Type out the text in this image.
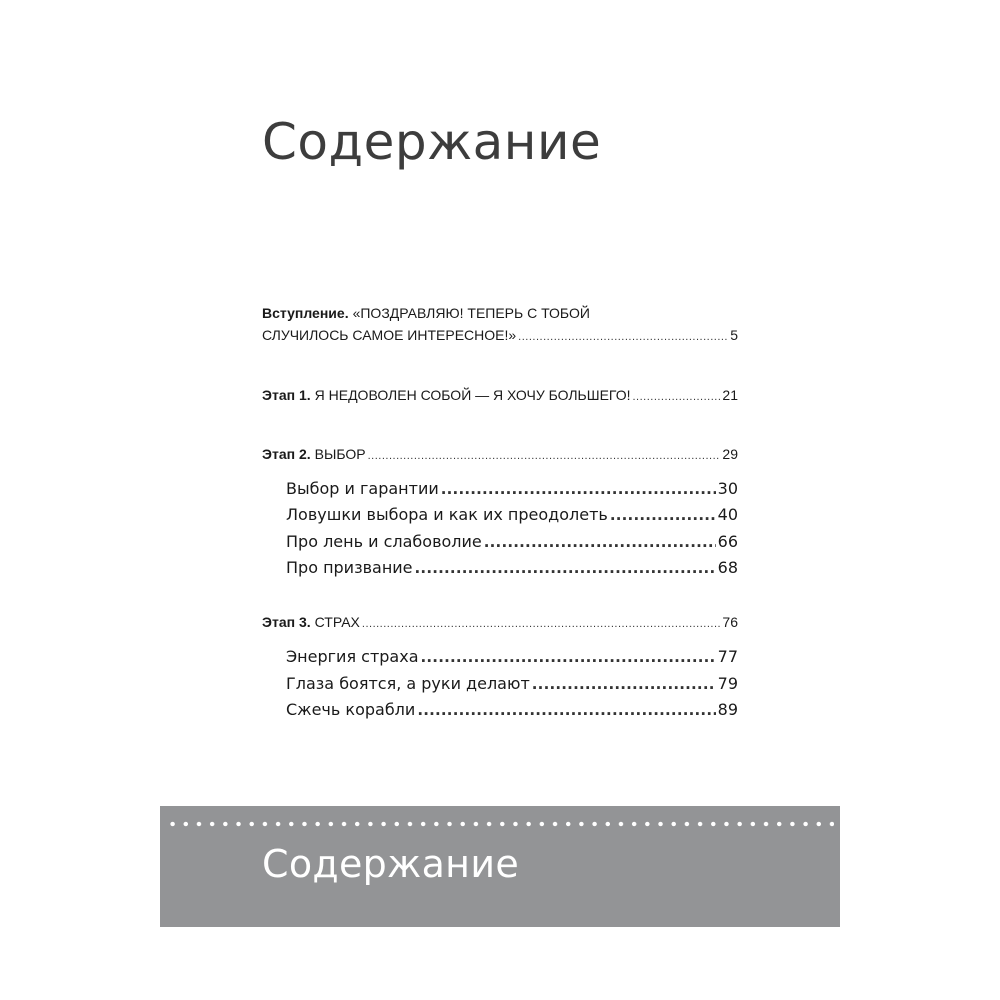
Содержание
Вступление. «ПОЗДРАВЛЯЮ! ТЕПЕРЬ С ТОБОЙ
СЛУЧИЛОСЬ САМОЕ ИНТЕРЕСНОЕ!» .....	5
Этап 1. Я НЕДОВОЛЕН СОБОЙ — Я ХОЧУ БОЛЬШЕГО! .....	21
Этап 2. ВЫБОР .....	29
Выбор и гарантии .....	30
Ловушки выбора и как их преодолеть .....	40
Про лень и слабоволие .....	66
Про призвание .....	68
Этап 3. СТРАХ .....	76
Энергия страха .....	77
Глаза боятся, а руки делают .....	79
Сжечь корабли .....	89
Содержание
